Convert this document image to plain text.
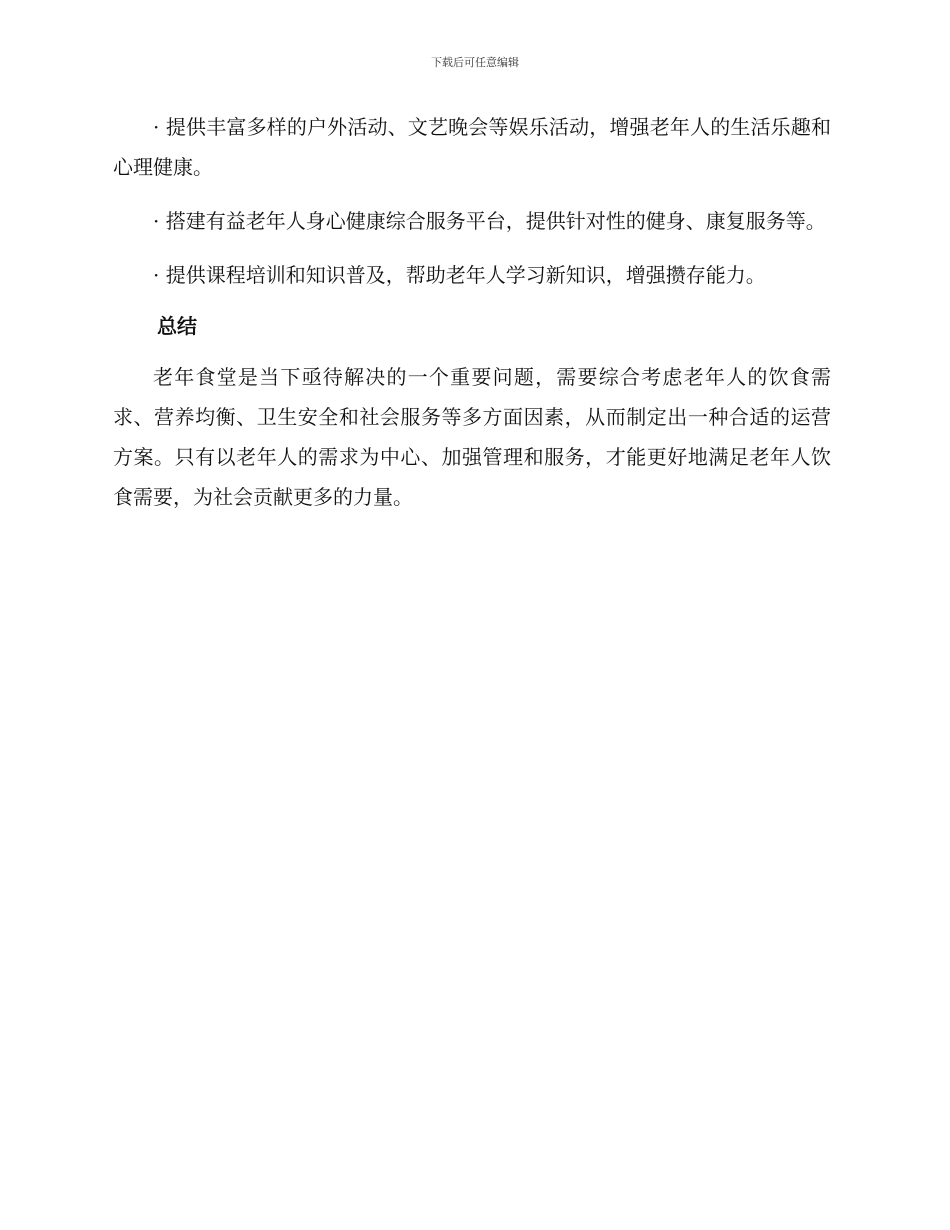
下载后可任意编辑

· 提供丰富多样的户外活动、文艺晚会等娱乐活动，增强老年人的生活乐趣和心理健康。

· 搭建有益老年人身心健康综合服务平台，提供针对性的健身、康复服务等。

· 提供课程培训和知识普及，帮助老年人学习新知识，增强攒存能力。

总结

老年食堂是当下亟待解决的一个重要问题，需要综合考虑老年人的饮食需求、营养均衡、卫生安全和社会服务等多方面因素，从而制定出一种合适的运营方案。只有以老年人的需求为中心、加强管理和服务，才能更好地满足老年人饮食需要，为社会贡献更多的力量。
